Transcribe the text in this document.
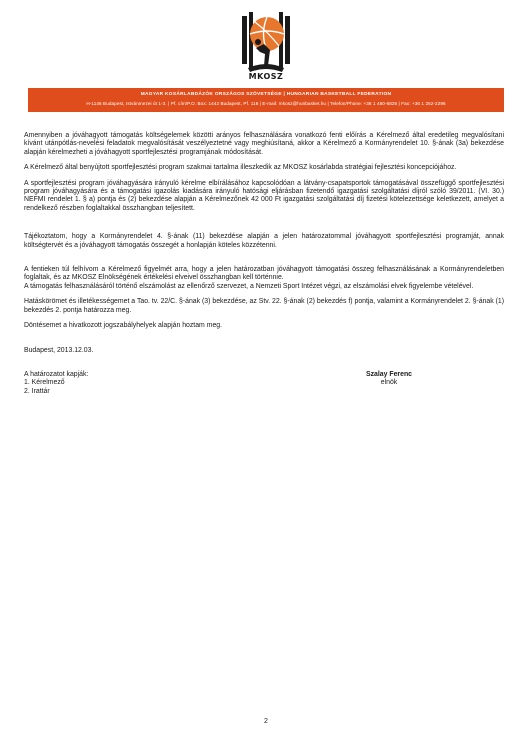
MKOSZ
MAGYAR KOSÁRLABDÁZÓK ORSZÁGOS SZÖVETSÉGE | HUNGARIAN BASKETBALL FEDERATION
H-1146 Budapest, Istvánmezei út 1-3. | Pf. cím/P.O. Box: 1442 Budapest, Pf. 116 | E-mail: mkosz@hunbasket.hu | Telefon/Phone: +36 1 460-6825 | Fax: +36 1 252-2296

Amennyiben a jóváhagyott támogatás költségelemek közötti arányos felhasználására vonatkozó fenti előírás a Kérelmező által eredetileg megvalósítani kívánt utánpótlás-nevelési feladatok megvalósítását veszélyeztetné vagy meghiúsítaná, akkor a Kérelmező a Kormányrendelet 10. §-ának (3a) bekezdése alapján kérelmezheti a jóváhagyott sportfejlesztési programjának módosítását.

A Kérelmező által benyújtott sportfejlesztési program szakmai tartalma illeszkedik az MKOSZ kosárlabda stratégiai fejlesztési koncepciójához.

A sportfejlesztési program jóváhagyására irányuló kérelme elbírálásához kapcsolódóan a látvány-csapatsportok támogatásával összefüggő sportfejlesztési program jóváhagyására és a támogatási igazolás kiadására irányuló hatósági eljárásban fizetendő igazgatási szolgáltatási díjról szóló 39/2011. (VI. 30.) NEFMI rendelet 1. § a) pontja és (2) bekezdése alapján a Kérelmezőnek 42 000 Ft igazgatási szolgáltatási díj fizetési kötelezettsége keletkezett, amelyet a rendelkező részben foglaltakkal összhangban teljesített.

Tájékoztatom, hogy a Kormányrendelet 4. §-ának (11) bekezdése alapján a jelen határozatommal jóváhagyott sportfejlesztési programját, annak költségtervét és a jóváhagyott támogatás összegét a honlapján köteles közzétenni.

A fentieken túl felhívom a Kérelmező figyelmét arra, hogy a jelen határozatban jóváhagyott támogatási összeg felhasználásának a Kormányrendeletben foglaltak, és az MKOSZ Elnökségének értékelési elveivel összhangban kell történnie.

A támogatás felhasználásáról történő elszámolást az ellenőrző szervezet, a Nemzeti Sport Intézet végzi, az elszámolási elvek figyelembe vételével.

Hatáskörömet és illetékességemet a Tao. tv. 22/C. §-ának (3) bekezdése, az Stv. 22. §-ának (2) bekezdés f) pontja, valamint a Kormányrendelet 2. §-ának (1) bekezdés 2. pontja határozza meg.

Döntésemet a hivatkozott jogszabályhelyek alapján hoztam meg.

Budapest, 2013.12.03.

A határozatot kapják:
1. Kérelmező
2. Irattár
Szalay Ferenc
elnök
2
